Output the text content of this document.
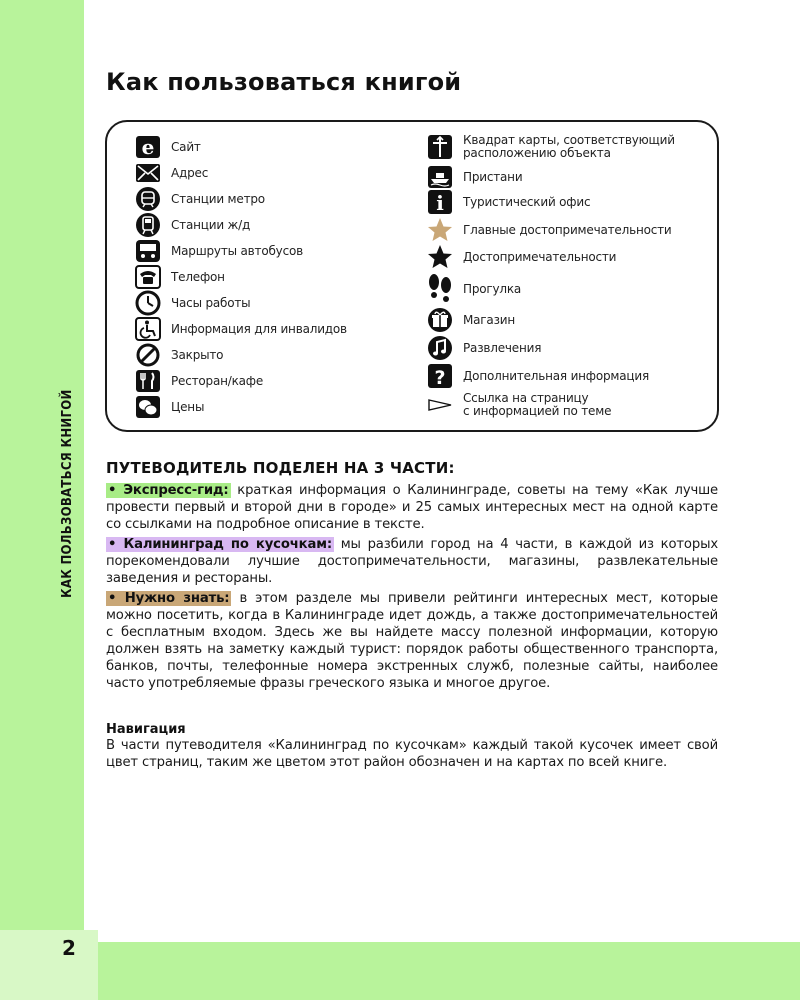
2
КАК ПОЛЬЗОВАТЬСЯ КНИГОЙ
Как пользоваться книгой
e Сайт
Адрес
Станции метро
Станции ж/д
Маршруты автобусов
Телефон
Часы работы
Информация для инвалидов
Закрыто
Ресторан/кафе
Цены
Квадрат карты, соответствующий
расположению объекта
Пристани
i Туристический офис
Главные достопримечательности
Достопримечательности
Прогулка
Магазин
Развлечения
? Дополнительная информация
Ссылка на страницу
с информацией по теме
ПУТЕВОДИТЕЛЬ ПОДЕЛЕН НА 3 ЧАСТИ:
• Экспресс-гид: краткая информация о Калининграде, советы на тему «Как лучше провести первый и второй дни в городе» и 25 самых интересных мест на одной карте со ссылками на подробное описание в тексте.
• Калининград по кусочкам: мы разбили город на 4 части, в каждой из которых порекомендовали лучшие достопримечательности, магазины, развлекательные заведения и рестораны.
• Нужно знать: в этом разделе мы привели рейтинги интересных мест, которые можно посетить, когда в Калининграде идет дождь, а также достопримечательностей с бесплатным входом. Здесь же вы найдете массу полезной информации, которую должен взять на заметку каждый турист: порядок работы общественного транспорта, банков, почты, телефонные номера экстренных служб, полезные сайты, наиболее часто употребляемые фразы греческого языка и многое другое.
Навигация
В части путеводителя «Калининград по кусочкам» каждый такой кусочек имеет свой цвет страниц, таким же цветом этот район обозначен и на картах по всей книге.
